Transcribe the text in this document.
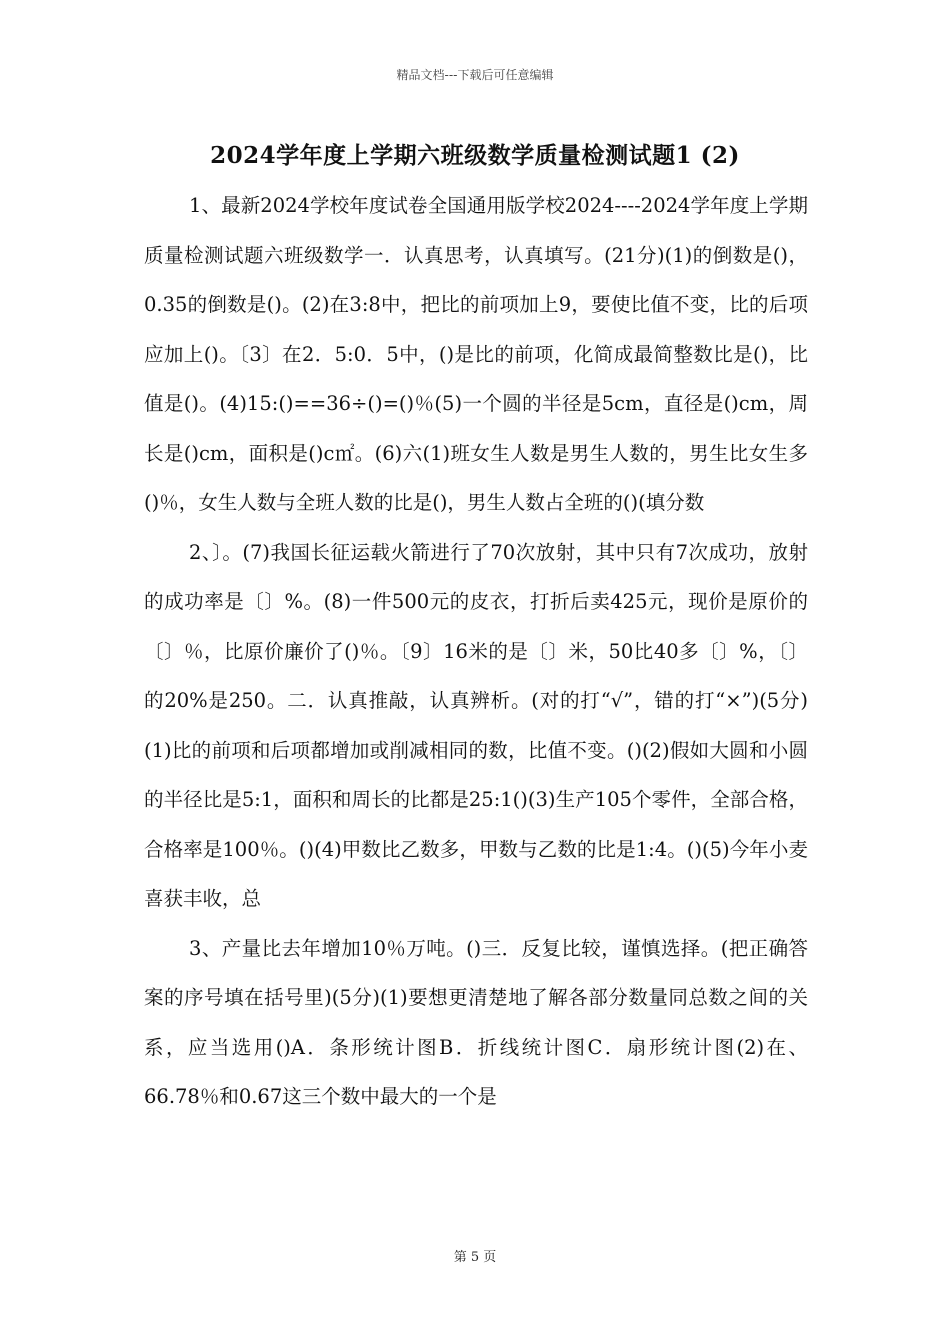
精品文档---下载后可任意编辑
2024学年度上学期六班级数学质量检测试题1 (2)

1、最新2024学校年度试卷全国通用版学校2024----2024学年度上学期质量检测试题六班级数学一．认真思考，认真填写。(21分)(1)的倒数是()，0.35的倒数是()。(2)在3:8中，把比的前项加上9，要使比值不变，比的后项应加上()。〔3〕在2．5:0．5中，()是比的前项，化简成最简整数比是()，比值是()。(4)15:()==36÷()=()％(5)一个圆的半径是5cm，直径是()cm，周长是()cm，面积是()c㎡。(6)六(1)班女生人数是男生人数的，男生比女生多()％，女生人数与全班人数的比是()，男生人数占全班的()(填分数

2、〕。(7)我国长征运载火箭进行了70次放射，其中只有7次成功，放射的成功率是〔〕%。(8)一件500元的皮衣，打折后卖425元，现价是原价的〔〕％，比原价廉价了()％。〔9〕16米的是〔〕米，50比40多〔〕%，〔〕的20%是250。二．认真推敲，认真辨析。(对的打“√”，错的打“×”)(5分)(1)比的前项和后项都增加或削减相同的数，比值不变。()(2)假如大圆和小圆的半径比是5:1，面积和周长的比都是25:1()(3)生产105个零件，全部合格，合格率是100％。()(4)甲数比乙数多，甲数与乙数的比是1:4。()(5)今年小麦喜获丰收，总

3、产量比去年增加10％万吨。()三．反复比较，谨慎选择。(把正确答案的序号填在括号里)(5分)(1)要想更清楚地了解各部分数量同总数之间的关系，应当选用()A．条形统计图B．折线统计图C．扇形统计图(2)在、66.78％和0.67这三个数中最大的一个是

第 5 页
